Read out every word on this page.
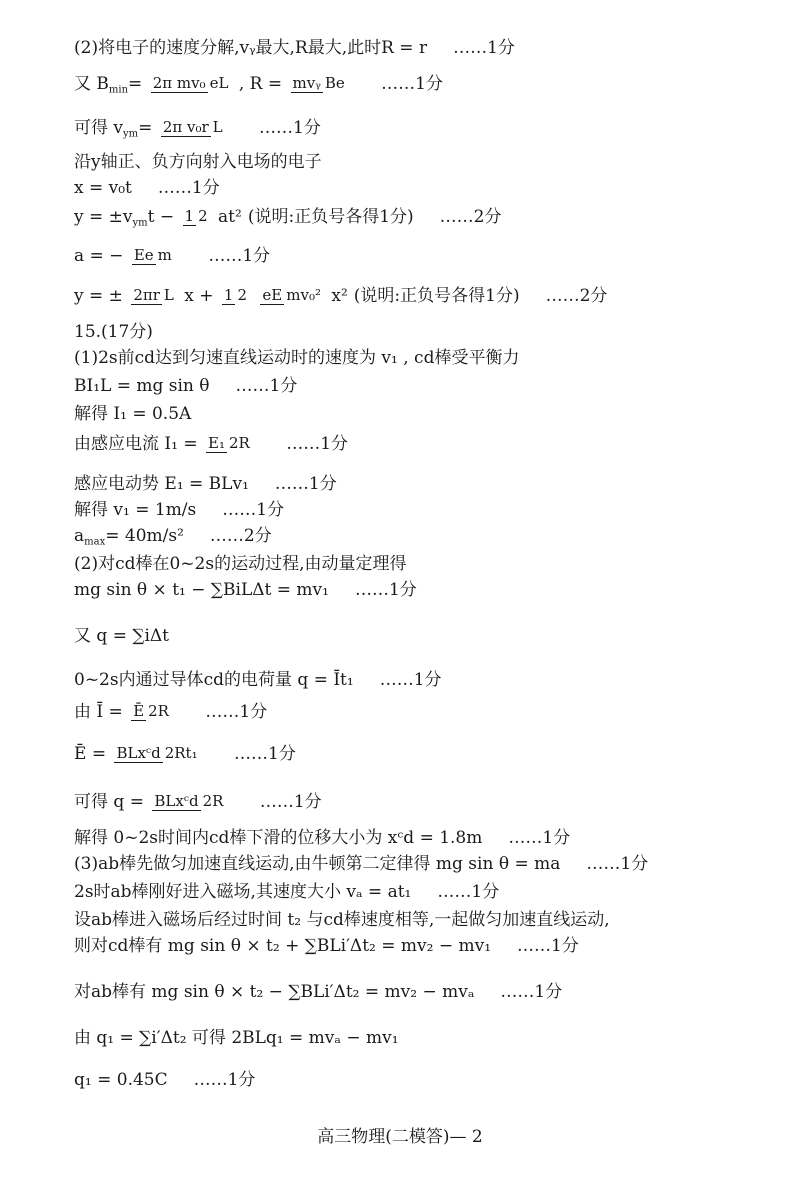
(2)将电子的速度分解,vᵧ最大,R最大,此时R = r ……1分
又 $B_{min}= 2\pi$ mv₀ eL , R = mvᵧ Be ……1分
可得 $v_{ym}= 2\pi$ v₀r L ……1分
沿y轴正、负方向射入电场的电子
x = v₀t ……1分
$y = \pm v_{ym}t - 1$ 2 at² (说明:正负号各得1分) ……2分
a = − Ee m ……1分
y = ± 2πr L x + 1 2 eE mv₀² x² (说明:正负号各得1分) ……2分
15.(17分)
(1)2s前cd达到匀速直线运动时的速度为 v₁ , cd棒受平衡力
BI₁L = mg sin θ ……1分
解得 I₁ = 0.5A
由感应电流 I₁ = E₁ 2R ……1分
感应电动势 E₁ = BLv₁ ……1分
解得 v₁ = 1m/s ……1分
$a_{max}= 40m/s^2$ ……2分
(2)对cd棒在0~2s的运动过程,由动量定理得
mg sin θ × t₁ − ∑BiLΔt = mv₁ ……1分
又 q = ∑iΔt
0~2s内通过导体cd的电荷量 q = Īt₁ ……1分
由 Ī = Ē 2R ……1分
Ē = BLxᶜd 2Rt₁ ……1分
可得 q = BLxᶜd 2R ……1分
解得 0~2s时间内cd棒下滑的位移大小为 xᶜd = 1.8m ……1分
(3)ab棒先做匀加速直线运动,由牛顿第二定律得 mg sin θ = ma ……1分
2s时ab棒刚好进入磁场,其速度大小 vₐ = at₁ ……1分
设ab棒进入磁场后经过时间 t₂ 与cd棒速度相等,一起做匀加速直线运动,
则对cd棒有 mg sin θ × t₂ + ∑BLi′Δt₂ = mv₂ − mv₁ ……1分
对ab棒有 mg sin θ × t₂ − ∑BLi′Δt₂ = mv₂ − mvₐ ……1分
由 q₁ = ∑i′Δt₂ 可得 2BLq₁ = mvₐ − mv₁
q₁ = 0.45C ……1分
高三物理(二模答)— 2
